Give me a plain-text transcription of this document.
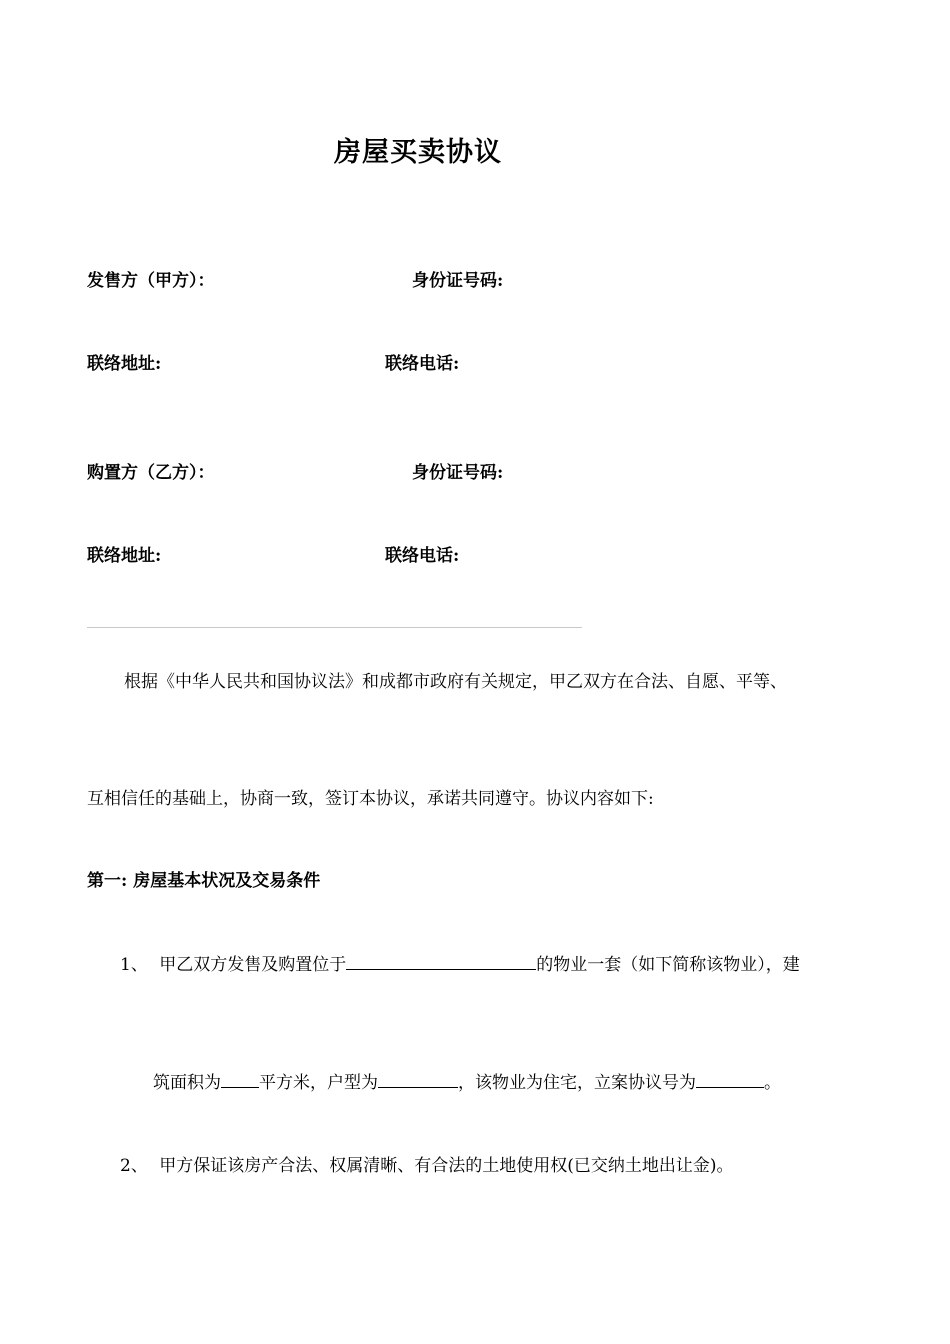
房屋买卖协议
发售方（甲方）：	身份证号码:
联络地址:	联络电话:
购置方（乙方）：	身份证号码:
联络地址:	联络电话:
根据《中华人民共和国协议法》和成都市政府有关规定，甲乙双方在合法、自愿、平等、
互相信任的基础上，协商一致，签订本协议，承诺共同遵守。协议内容如下:
第一: 房屋基本状况及交易条件
1、 甲乙双方发售及购置位于	的物业一套（如下简称该物业），建
筑面积为 平方米，户型为	，该物业为住宅，立案协议号为	。
2、 甲方保证该房产合法、权属清晰、有合法的土地使用权(已交纳土地出让金)。
